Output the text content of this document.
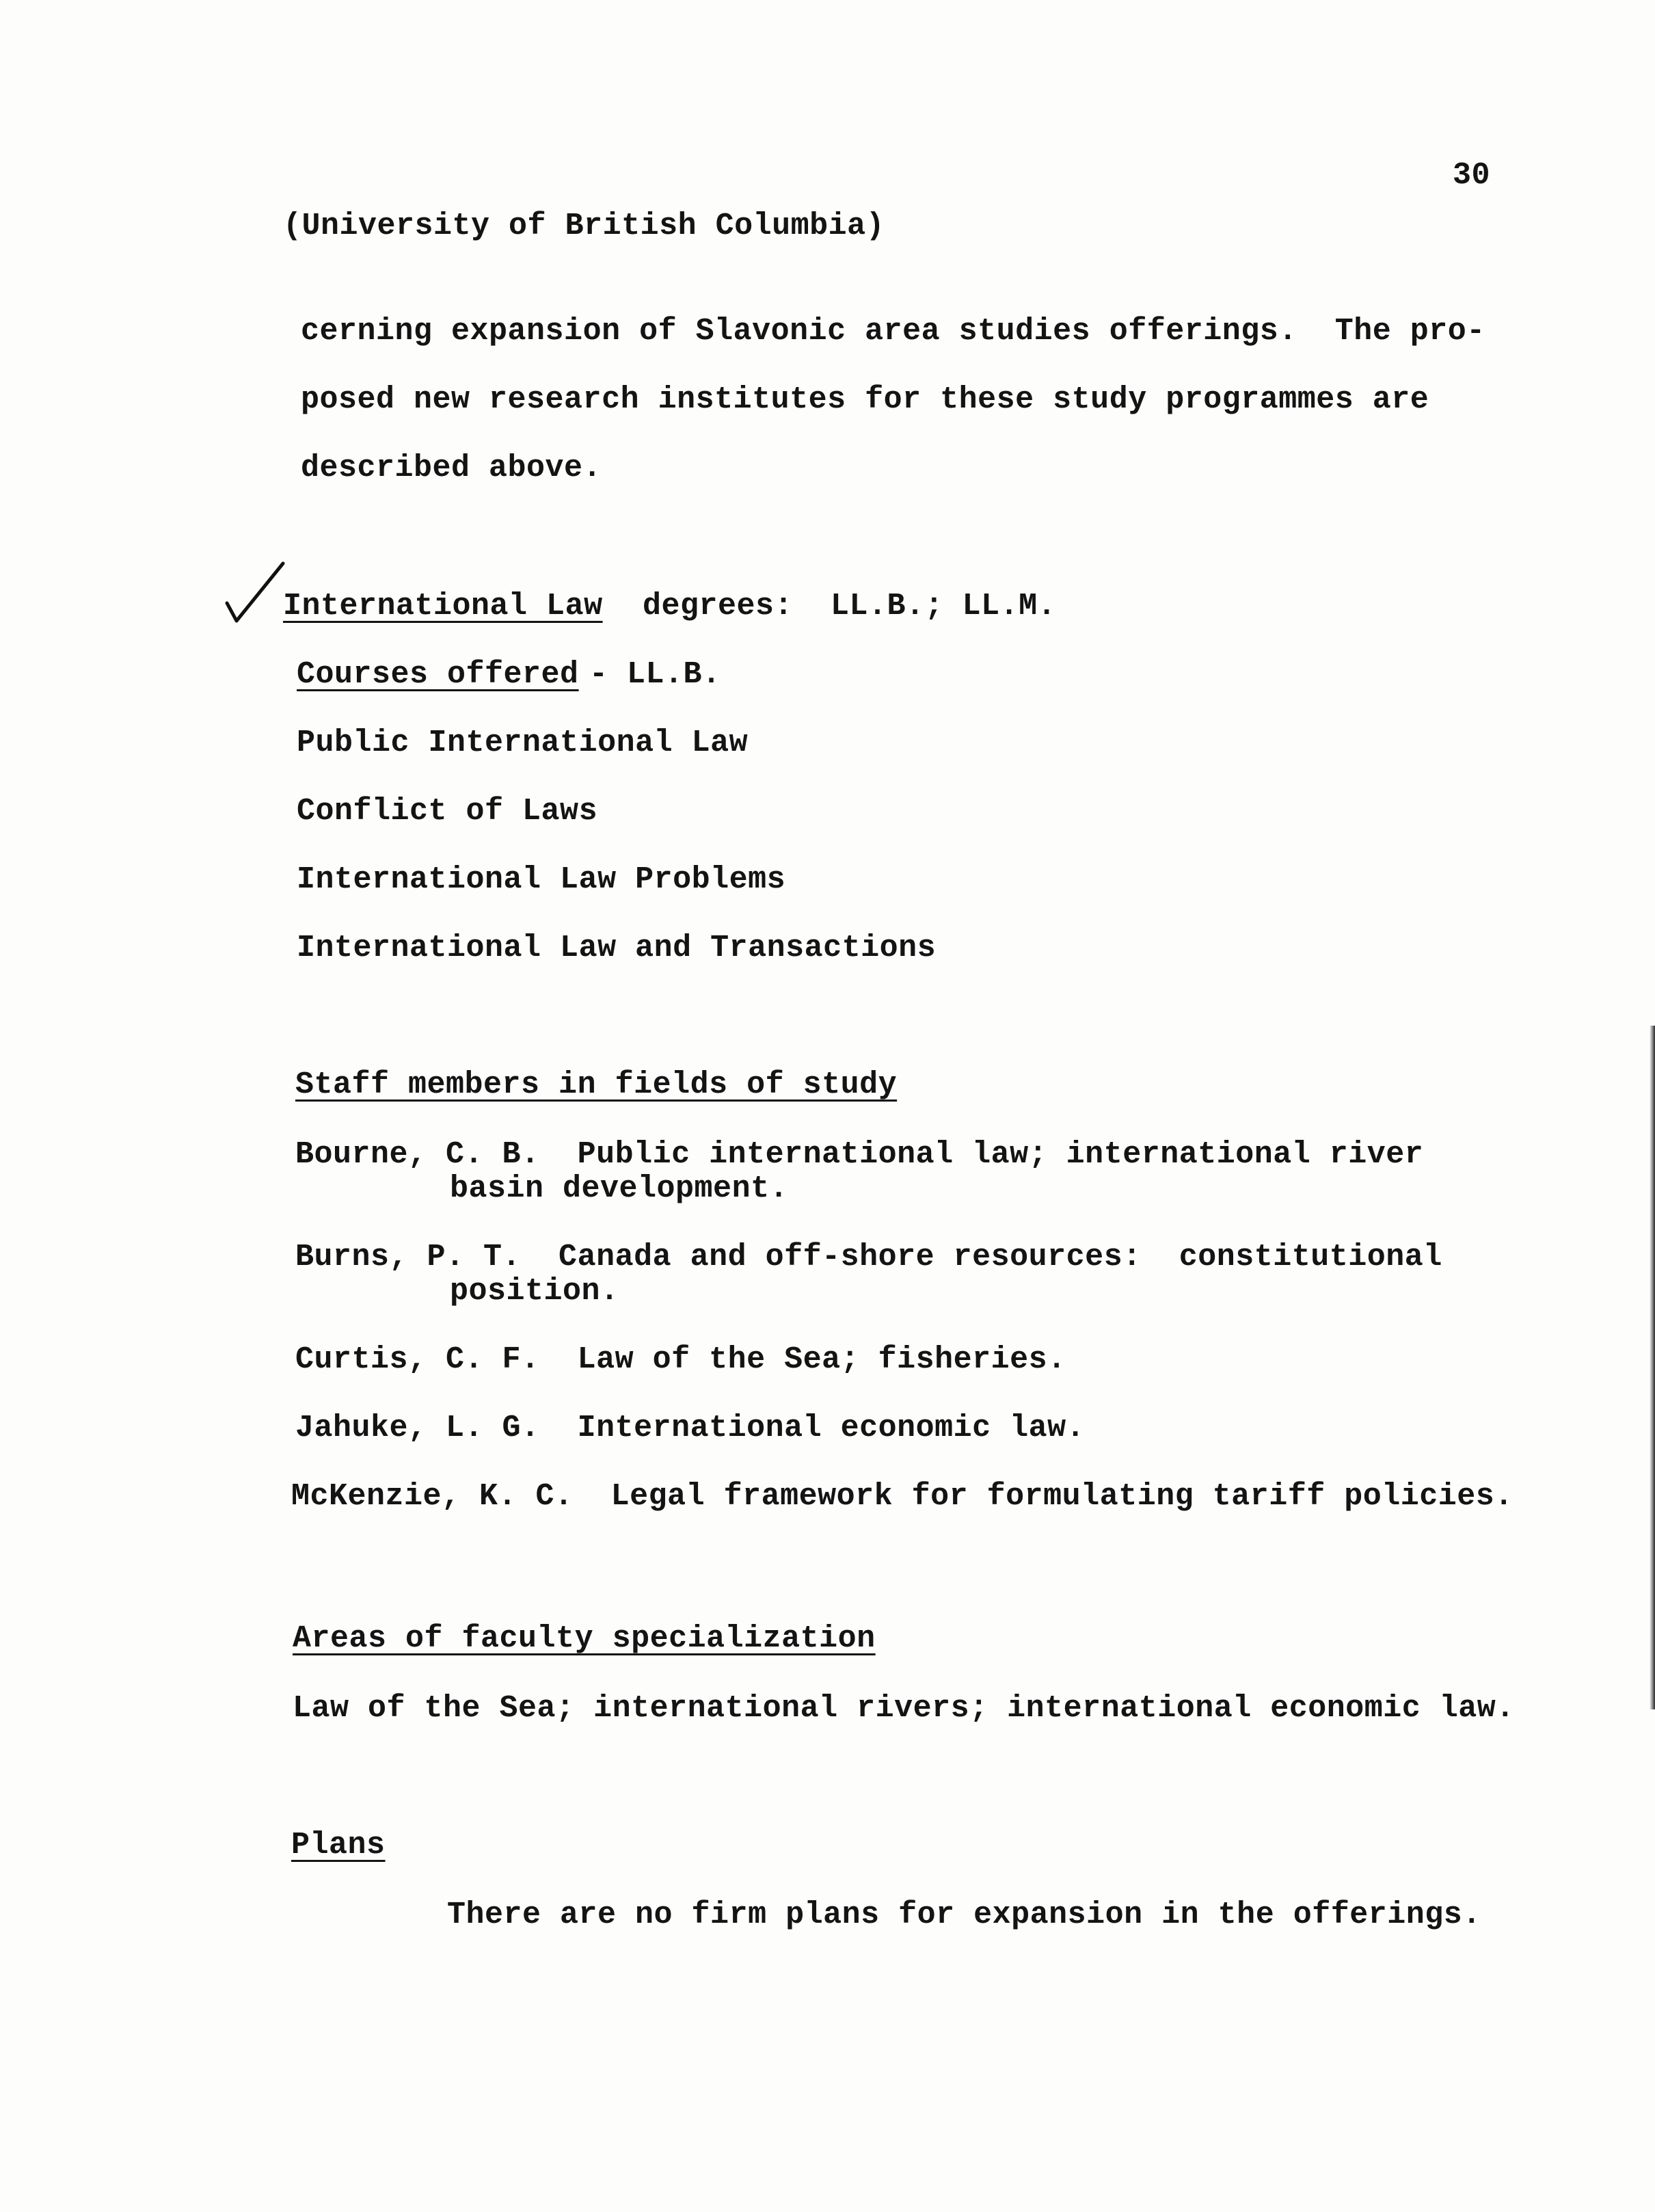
30
(University of British Columbia)
cerning expansion of Slavonic area studies offerings.  The pro-
posed new research institutes for these study programmes are
described above.
International Law degrees:  LL.B.; LL.M.
Courses offered - LL.B.
Public International Law
Conflict of Laws
International Law Problems
International Law and Transactions
Staff members in fields of study
Bourne, C. B.  Public international law; international river
basin development.
Burns, P. T.  Canada and off-shore resources:  constitutional
position.
Curtis, C. F.  Law of the Sea; fisheries.
Jahuke, L. G.  International economic law.
McKenzie, K. C.  Legal framework for formulating tariff policies.
Areas of faculty specialization
Law of the Sea; international rivers; international economic law.
Plans
There are no firm plans for expansion in the offerings.
